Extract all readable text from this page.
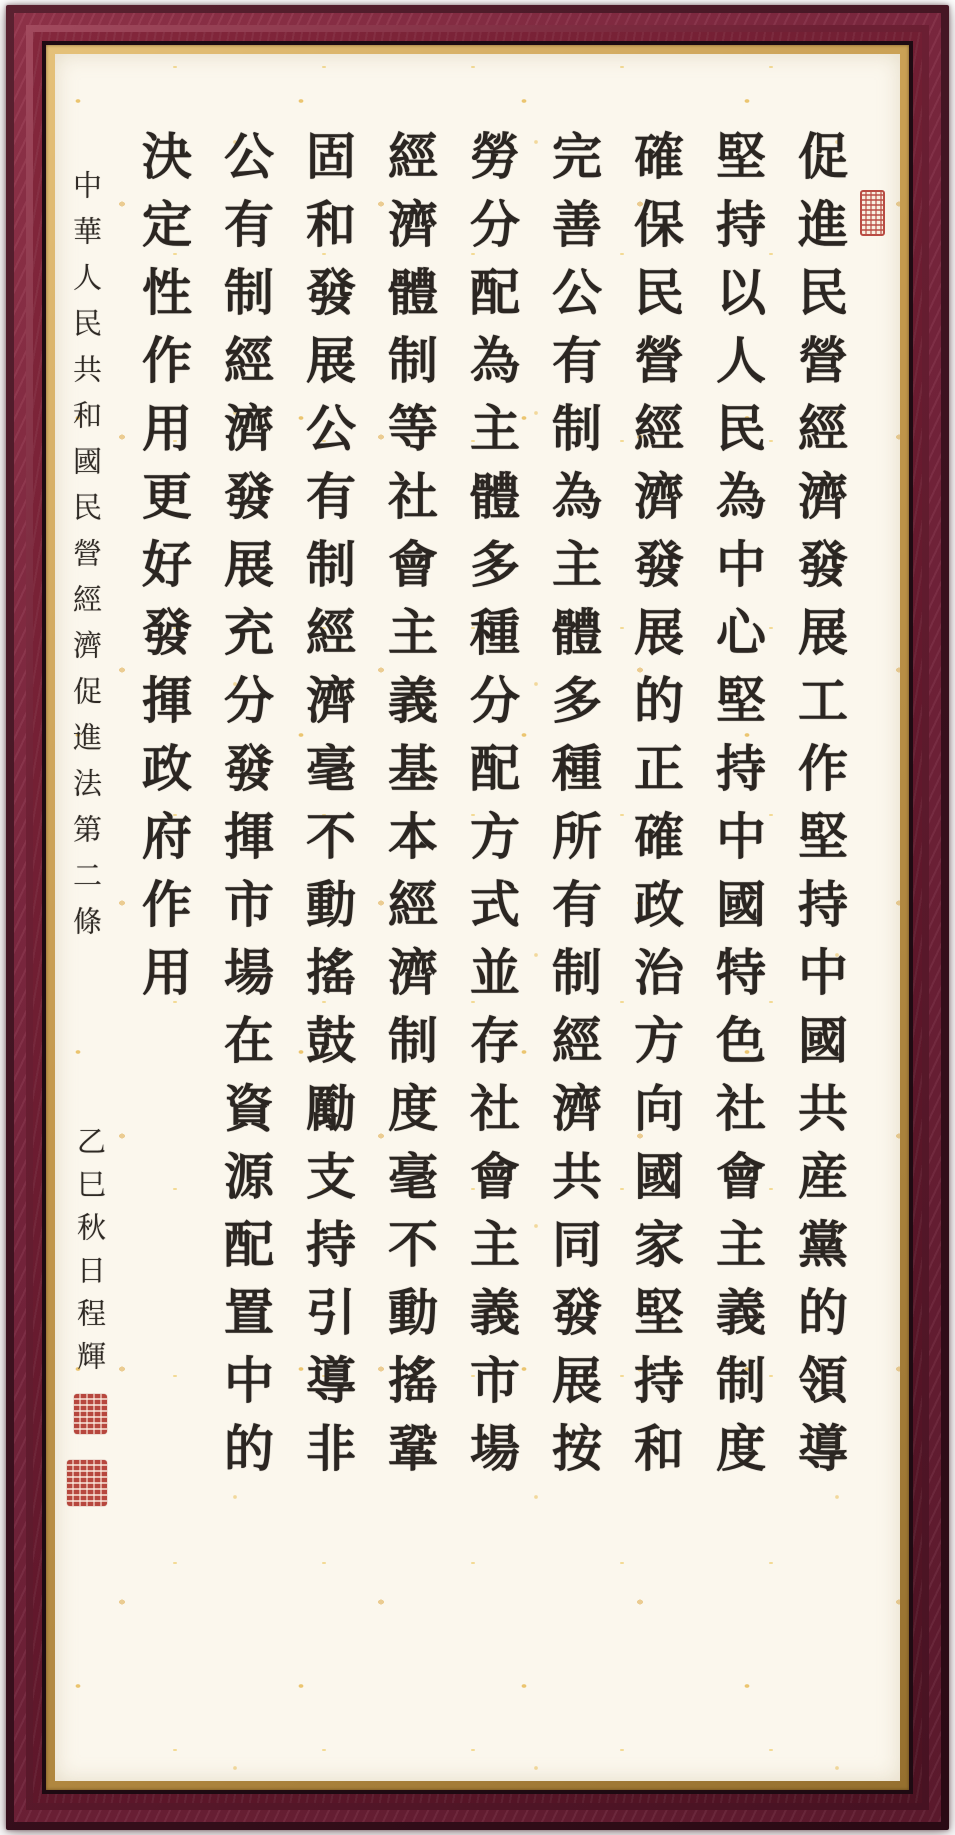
促進民營經濟發展工作堅持中國共産黨的領導
堅持以人民為中心堅持中國特色社會主義制度
確保民營經濟發展的正確政治方向國家堅持和
完善公有制為主體多種所有制經濟共同發展按
勞分配為主體多種分配方式並存社會主義市場
經濟體制等社會主義基本經濟制度毫不動搖鞏
固和發展公有制經濟毫不動搖鼓勵支持引導非
公有制經濟發展充分發揮市場在資源配置中的
決定性作用更好發揮政府作用
中華人民共和國民營經濟促進法第二條
乙巳秋日程輝
